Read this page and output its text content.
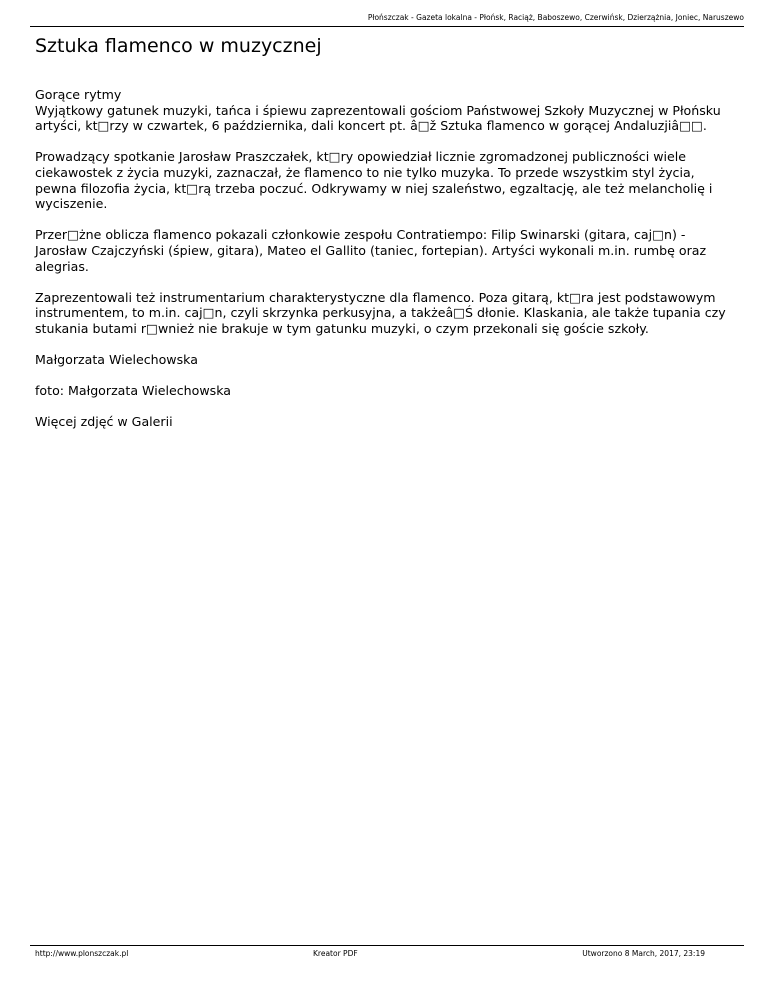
Płońszczak - Gazeta lokalna - Płońsk, Raciąż, Baboszewo, Czerwińsk, Dzierzążnia, Joniec, Naruszewo
Sztuka flamenco w muzycznej

Gorące rytmy
Wyjątkowy gatunek muzyki, tańca i śpiewu zaprezentowali gościom Państwowej Szkoły Muzycznej w Płońsku artyści, kt□rzy w czwartek, 6 października, dali koncert pt. â□ž Sztuka flamenco w gorącej Andaluzjiâ□□.

Prowadzący spotkanie Jarosław Praszczałek, kt□ry opowiedział licznie zgromadzonej publiczności wiele ciekawostek z życia muzyki, zaznaczał, że flamenco to nie tylko muzyka. To przede wszystkim styl życia, pewna filozofia życia, kt□rą trzeba poczuć. Odkrywamy w niej szaleństwo, egzaltację, ale też melancholię i wyciszenie.

Przer□żne oblicza flamenco pokazali członkowie zespołu Contratiempo: Filip Swinarski (gitara, caj□n) - Jarosław Czajczyński (śpiew, gitara), Mateo el Gallito (taniec, fortepian). Artyści wykonali m.in. rumbę oraz alegrias.

Zaprezentowali też instrumentarium charakterystyczne dla flamenco. Poza gitarą, kt□ra jest podstawowym instrumentem, to m.in. caj□n, czyli skrzynka perkusyjna, a takżeâ□Ś dłonie. Klaskania, ale także tupania czy stukania butami r□wnież nie brakuje w tym gatunku muzyki, o czym przekonali się goście szkoły.

Małgorzata Wielechowska

foto: Małgorzata Wielechowska

Więcej zdjęć w Galerii

http://www.plonszczak.pl	Kreator PDF	Utworzono 8 March, 2017, 23:19
